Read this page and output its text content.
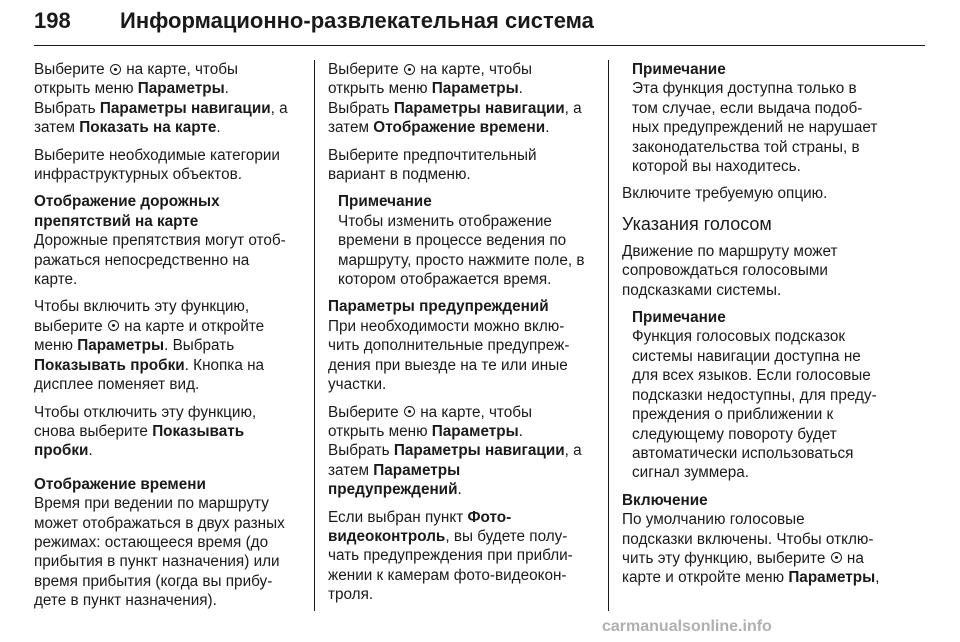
198 Информационно-развлекательная система

Выберите  на карте, чтобы
открыть меню Параметры.
Выбрать Параметры навигации, а
затем Показать на карте.

Выберите необходимые категории
инфраструктурных объектов.

Отображение дорожных
препятствий на карте

Дорожные препятствия могут отоб-
ражаться непосредственно на
карте.

Чтобы включить эту функцию,
выберите  на карте и откройте
меню Параметры. Выбрать
Показывать пробки. Кнопка на
дисплее поменяет вид.

Чтобы отключить эту функцию,
снова выберите Показывать
пробки.

Отображение времени

Время при ведении по маршруту
может отображаться в двух разных
режимах: остающееся время (до
прибытия в пункт назначения) или
время прибытия (когда вы прибу-
дете в пункт назначения).

Выберите  на карте, чтобы
открыть меню Параметры.
Выбрать Параметры навигации, а
затем Отображение времени.

Выберите предпочтительный
вариант в подменю.

Примечание
Чтобы изменить отображение
времени в процессе ведения по
маршруту, просто нажмите поле, в
котором отображается время.

Параметры предупреждений

При необходимости можно вклю-
чить дополнительные предупреж-
дения при выезде на те или иные
участки.

Выберите  на карте, чтобы
открыть меню Параметры.
Выбрать Параметры навигации, а
затем Параметры
предупреждений.

Если выбран пункт Фото-
видеоконтроль, вы будете полу-
чать предупреждения при прибли-
жении к камерам фото-видеокон-
троля.

Примечание
Эта функция доступна только в
том случае, если выдача подоб-
ных предупреждений не нарушает
законодательства той страны, в
которой вы находитесь.

Включите требуемую опцию.

Указания голосом

Движение по маршруту может
сопровождаться голосовыми
подсказками системы.

Примечание
Функция голосовых подсказок
системы навигации доступна не
для всех языков. Если голосовые
подсказки недоступны, для преду-
преждения о приближении к
следующему повороту будет
автоматически использоваться
сигнал зуммера.

Включение

По умолчанию голосовые
подсказки включены. Чтобы отклю-
чить эту функцию, выберите  на
карте и откройте меню Параметры,

carmanualsonline.info
